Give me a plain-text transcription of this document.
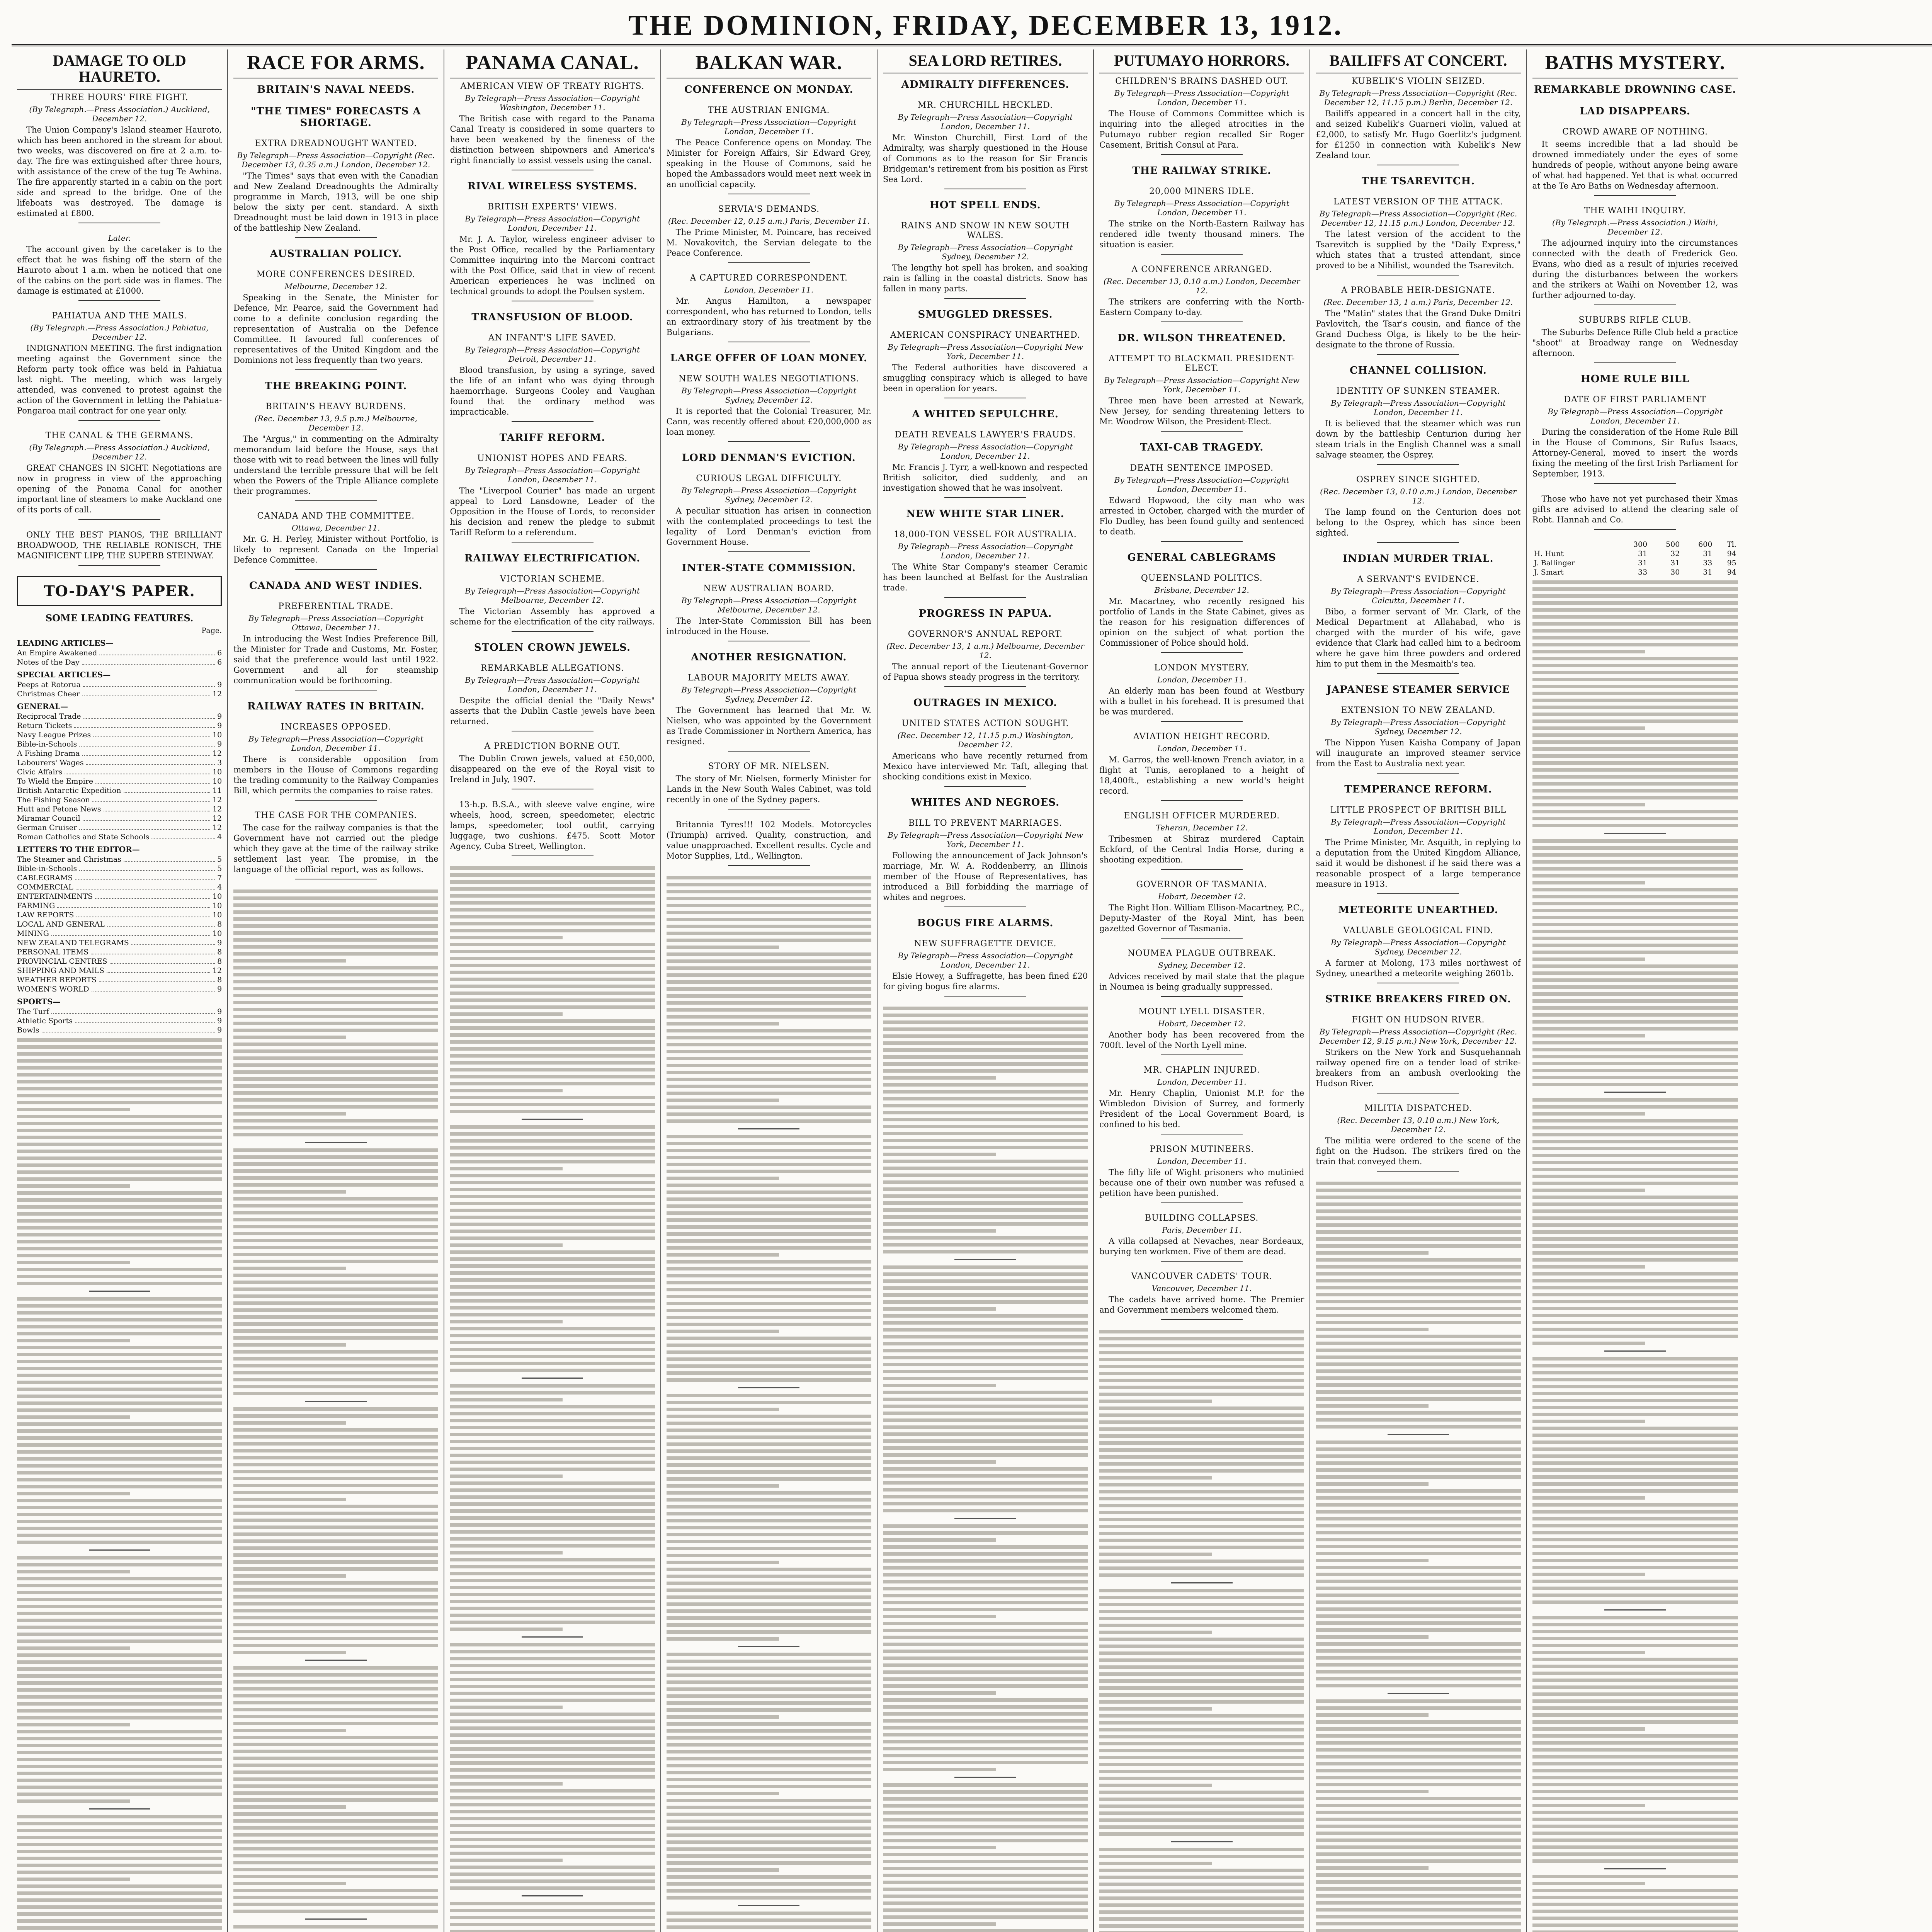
THE DOMINION, FRIDAY, DECEMBER 13, 1912.
DAMAGE TO OLD HAURETO.
THREE HOURS' FIRE FIGHT.
(By Telegraph.—Press Association.) Auckland, December 12.

The Union Company's Island steamer Hauroto, which has been anchored in the stream for about two weeks, was discovered on fire at 2 a.m. to-day. The fire was extinguished after three hours, with assistance of the crew of the tug Te Awhina. The fire apparently started in a cabin on the port side and spread to the bridge. One of the lifeboats was destroyed. The damage is estimated at £800.

Later.

The account given by the caretaker is to the effect that he was fishing off the stern of the Hauroto about 1 a.m. when he noticed that one of the cabins on the port side was in flames. The damage is estimated at £1000.

PAHIATUA AND THE MAILS.
(By Telegraph.—Press Association.) Pahiatua, December 12.

INDIGNATION MEETING. The first indignation meeting against the Government since the Reform party took office was held in Pahiatua last night. The meeting, which was largely attended, was convened to protest against the action of the Government in letting the Pahiatua-Pongaroa mail contract for one year only.

THE CANAL & THE GERMANS.
(By Telegraph.—Press Association.) Auckland, December 12.

GREAT CHANGES IN SIGHT. Negotiations are now in progress in view of the approaching opening of the Panama Canal for another important line of steamers to make Auckland one of its ports of call.

ONLY THE BEST PIANOS, THE BRILLIANT BROADWOOD, THE RELIABLE RONISCH, THE MAGNIFICENT LIPP, THE SUPERB STEINWAY.

TO-DAY'S PAPER.
SOME LEADING FEATURES.
Page.
LEADING ARTICLES—
An Empire Awakened	6
Notes of the Day	6
SPECIAL ARTICLES—
Peeps at Rotorua	9
Christmas Cheer	12
GENERAL—
Reciprocal Trade	9
Return Tickets	9
Navy League Prizes	10
Bible-in-Schools	9
A Fishing Drama	12
Labourers' Wages	3
Civic Affairs	10
To Wield the Empire	10
British Antarctic Expedition	11
The Fishing Season	12
Hutt and Petone News	12
Miramar Council	12
German Cruiser	12
Roman Catholics and State Schools	4
LETTERS TO THE EDITOR—
The Steamer and Christmas	5
Bible-in-Schools	5
CABLEGRAMS	7
COMMERCIAL	4
ENTERTAINMENTS	10
FARMING	10
LAW REPORTS	10
LOCAL AND GENERAL	8
MINING	10
NEW ZEALAND TELEGRAMS	9
PERSONAL ITEMS	8
PROVINCIAL CENTRES	8
SHIPPING AND MAILS	12
WEATHER REPORTS	8
WOMEN'S WORLD	9
SPORTS—
The Turf	9
Athletic Sports	9
Bowls	9
RACE FOR ARMS.
BRITAIN'S NAVAL NEEDS.
"THE TIMES" FORECASTS A SHORTAGE.
EXTRA DREADNOUGHT WANTED.
By Telegraph—Press Association—Copyright (Rec. December 13, 0.35 a.m.) London, December 12.

"The Times" says that even with the Canadian and New Zealand Dreadnoughts the Admiralty programme in March, 1913, will be one ship below the sixty per cent. standard. A sixth Dreadnought must be laid down in 1913 in place of the battleship New Zealand.

AUSTRALIAN POLICY.
MORE CONFERENCES DESIRED.
Melbourne, December 12.

Speaking in the Senate, the Minister for Defence, Mr. Pearce, said the Government had come to a definite conclusion regarding the representation of Australia on the Defence Committee. It favoured full conferences of representatives of the United Kingdom and the Dominions not less frequently than two years.

THE BREAKING POINT.
BRITAIN'S HEAVY BURDENS.
(Rec. December 13, 9.5 p.m.) Melbourne, December 12.

The "Argus," in commenting on the Admiralty memorandum laid before the House, says that those with wit to read between the lines will fully understand the terrible pressure that will be felt when the Powers of the Triple Alliance complete their programmes.

CANADA AND THE COMMITTEE.
Ottawa, December 11.

Mr. G. H. Perley, Minister without Portfolio, is likely to represent Canada on the Imperial Defence Committee.

CANADA AND WEST INDIES.
PREFERENTIAL TRADE.
By Telegraph—Press Association—Copyright Ottawa, December 11.

In introducing the West Indies Preference Bill, the Minister for Trade and Customs, Mr. Foster, said that the preference would last until 1922. Government and all for steamship communication would be forthcoming.

RAILWAY RATES IN BRITAIN.
INCREASES OPPOSED.
By Telegraph—Press Association—Copyright London, December 11.

There is considerable opposition from members in the House of Commons regarding the trading community to the Railway Companies Bill, which permits the companies to raise rates.

THE CASE FOR THE COMPANIES.

The case for the railway companies is that the Government have not carried out the pledge which they gave at the time of the railway strike settlement last year. The promise, in the language of the official report, was as follows.

PANAMA CANAL.
AMERICAN VIEW OF TREATY RIGHTS.
By Telegraph—Press Association—Copyright Washington, December 11.

The British case with regard to the Panama Canal Treaty is considered in some quarters to have been weakened by the fineness of the distinction between shipowners and America's right financially to assist vessels using the canal.

RIVAL WIRELESS SYSTEMS.
BRITISH EXPERTS' VIEWS.
By Telegraph—Press Association—Copyright London, December 11.

Mr. J. A. Taylor, wireless engineer adviser to the Post Office, recalled by the Parliamentary Committee inquiring into the Marconi contract with the Post Office, said that in view of recent American experiences he was inclined on technical grounds to adopt the Poulsen system.

TRANSFUSION OF BLOOD.
AN INFANT'S LIFE SAVED.
By Telegraph—Press Association—Copyright Detroit, December 11.

Blood transfusion, by using a syringe, saved the life of an infant who was dying through haemorrhage. Surgeons Cooley and Vaughan found that the ordinary method was impracticable.

TARIFF REFORM.
UNIONIST HOPES AND FEARS.
By Telegraph—Press Association—Copyright London, December 11.

The "Liverpool Courier" has made an urgent appeal to Lord Lansdowne, Leader of the Opposition in the House of Lords, to reconsider his decision and renew the pledge to submit Tariff Reform to a referendum.

RAILWAY ELECTRIFICATION.
VICTORIAN SCHEME.
By Telegraph—Press Association—Copyright Melbourne, December 12.

The Victorian Assembly has approved a scheme for the electrification of the city railways.

STOLEN CROWN JEWELS.
REMARKABLE ALLEGATIONS.
By Telegraph—Press Association—Copyright London, December 11.

Despite the official denial the "Daily News" asserts that the Dublin Castle jewels have been returned.

A PREDICTION BORNE OUT.

The Dublin Crown jewels, valued at £50,000, disappeared on the eve of the Royal visit to Ireland in July, 1907.

13-h.p. B.S.A., with sleeve valve engine, wire wheels, hood, screen, speedometer, electric lamps, speedometer, tool outfit, carrying luggage, two cushions. £475. Scott Motor Agency, Cuba Street, Wellington.

BALKAN WAR.
CONFERENCE ON MONDAY.
THE AUSTRIAN ENIGMA.
By Telegraph—Press Association—Copyright London, December 11.

The Peace Conference opens on Monday. The Minister for Foreign Affairs, Sir Edward Grey, speaking in the House of Commons, said he hoped the Ambassadors would meet next week in an unofficial capacity.

SERVIA'S DEMANDS.
(Rec. December 12, 0.15 a.m.) Paris, December 11.

The Prime Minister, M. Poincare, has received M. Novakovitch, the Servian delegate to the Peace Conference.

A CAPTURED CORRESPONDENT.
London, December 11.

Mr. Angus Hamilton, a newspaper correspondent, who has returned to London, tells an extraordinary story of his treatment by the Bulgarians.

LARGE OFFER OF LOAN MONEY.
NEW SOUTH WALES NEGOTIATIONS.
By Telegraph—Press Association—Copyright Sydney, December 12.

It is reported that the Colonial Treasurer, Mr. Cann, was recently offered about £20,000,000 as loan money.

LORD DENMAN'S EVICTION.
CURIOUS LEGAL DIFFICULTY.
By Telegraph—Press Association—Copyright Sydney, December 12.

A peculiar situation has arisen in connection with the contemplated proceedings to test the legality of Lord Denman's eviction from Government House.

INTER-STATE COMMISSION.
NEW AUSTRALIAN BOARD.
By Telegraph—Press Association—Copyright Melbourne, December 12.

The Inter-State Commission Bill has been introduced in the House.

ANOTHER RESIGNATION.
LABOUR MAJORITY MELTS AWAY.
By Telegraph—Press Association—Copyright Sydney, December 12.

The Government has learned that Mr. W. Nielsen, who was appointed by the Government as Trade Commissioner in Northern America, has resigned.

STORY OF MR. NIELSEN.

The story of Mr. Nielsen, formerly Minister for Lands in the New South Wales Cabinet, was told recently in one of the Sydney papers.

Britannia Tyres!!! 102 Models. Motorcycles (Triumph) arrived. Quality, construction, and value unapproached. Excellent results. Cycle and Motor Supplies, Ltd., Wellington.

SEA LORD RETIRES.
ADMIRALTY DIFFERENCES.
MR. CHURCHILL HECKLED.
By Telegraph—Press Association—Copyright London, December 11.

Mr. Winston Churchill, First Lord of the Admiralty, was sharply questioned in the House of Commons as to the reason for Sir Francis Bridgeman's retirement from his position as First Sea Lord.

HOT SPELL ENDS.
RAINS AND SNOW IN NEW SOUTH WALES.
By Telegraph—Press Association—Copyright Sydney, December 12.

The lengthy hot spell has broken, and soaking rain is falling in the coastal districts. Snow has fallen in many parts.

SMUGGLED DRESSES.
AMERICAN CONSPIRACY UNEARTHED.
By Telegraph—Press Association—Copyright New York, December 11.

The Federal authorities have discovered a smuggling conspiracy which is alleged to have been in operation for years.

A WHITED SEPULCHRE.
DEATH REVEALS LAWYER'S FRAUDS.
By Telegraph—Press Association—Copyright London, December 11.

Mr. Francis J. Tyrr, a well-known and respected British solicitor, died suddenly, and an investigation showed that he was insolvent.

NEW WHITE STAR LINER.
18,000-TON VESSEL FOR AUSTRALIA.
By Telegraph—Press Association—Copyright London, December 11.

The White Star Company's steamer Ceramic has been launched at Belfast for the Australian trade.

PROGRESS IN PAPUA.
GOVERNOR'S ANNUAL REPORT.
(Rec. December 13, 1 a.m.) Melbourne, December 12.

The annual report of the Lieutenant-Governor of Papua shows steady progress in the territory.

OUTRAGES IN MEXICO.
UNITED STATES ACTION SOUGHT.
(Rec. December 12, 11.15 p.m.) Washington, December 12.

Americans who have recently returned from Mexico have interviewed Mr. Taft, alleging that shocking conditions exist in Mexico.

WHITES AND NEGROES.
BILL TO PREVENT MARRIAGES.
By Telegraph—Press Association—Copyright New York, December 11.

Following the announcement of Jack Johnson's marriage, Mr. W. A. Roddenberry, an Illinois member of the House of Representatives, has introduced a Bill forbidding the marriage of whites and negroes.

BOGUS FIRE ALARMS.
NEW SUFFRAGETTE DEVICE.
By Telegraph—Press Association—Copyright London, December 11.

Elsie Howey, a Suffragette, has been fined £20 for giving bogus fire alarms.

PUTUMAYO HORRORS.
CHILDREN'S BRAINS DASHED OUT.
By Telegraph—Press Association—Copyright London, December 11.

The House of Commons Committee which is inquiring into the alleged atrocities in the Putumayo rubber region recalled Sir Roger Casement, British Consul at Para.

THE RAILWAY STRIKE.
20,000 MINERS IDLE.
By Telegraph—Press Association—Copyright London, December 11.

The strike on the North-Eastern Railway has rendered idle twenty thousand miners. The situation is easier.

A CONFERENCE ARRANGED.
(Rec. December 13, 0.10 a.m.) London, December 12.

The strikers are conferring with the North-Eastern Company to-day.

DR. WILSON THREATENED.
ATTEMPT TO BLACKMAIL PRESIDENT-ELECT.
By Telegraph—Press Association—Copyright New York, December 11.

Three men have been arrested at Newark, New Jersey, for sending threatening letters to Mr. Woodrow Wilson, the President-Elect.

TAXI-CAB TRAGEDY.
DEATH SENTENCE IMPOSED.
By Telegraph—Press Association—Copyright London, December 11.

Edward Hopwood, the city man who was arrested in October, charged with the murder of Flo Dudley, has been found guilty and sentenced to death.

GENERAL CABLEGRAMS
QUEENSLAND POLITICS.
Brisbane, December 12.

Mr. Macartney, who recently resigned his portfolio of Lands in the State Cabinet, gives as the reason for his resignation differences of opinion on the subject of what portion the Commissioner of Police should hold.

LONDON MYSTERY.
London, December 11.

An elderly man has been found at Westbury with a bullet in his forehead. It is presumed that he was murdered.

AVIATION HEIGHT RECORD.
London, December 11.

M. Garros, the well-known French aviator, in a flight at Tunis, aeroplaned to a height of 18,400ft., establishing a new world's height record.

ENGLISH OFFICER MURDERED.
Teheran, December 12.

Tribesmen at Shiraz murdered Captain Eckford, of the Central India Horse, during a shooting expedition.

GOVERNOR OF TASMANIA.
Hobart, December 12.

The Right Hon. William Ellison-Macartney, P.C., Deputy-Master of the Royal Mint, has been gazetted Governor of Tasmania.

NOUMEA PLAGUE OUTBREAK.
Sydney, December 12.

Advices received by mail state that the plague in Noumea is being gradually suppressed.

MOUNT LYELL DISASTER.
Hobart, December 12.

Another body has been recovered from the 700ft. level of the North Lyell mine.

MR. CHAPLIN INJURED.
London, December 11.

Mr. Henry Chaplin, Unionist M.P. for the Wimbledon Division of Surrey, and formerly President of the Local Government Board, is confined to his bed.

PRISON MUTINEERS.
London, December 11.

The fifty life of Wight prisoners who mutinied because one of their own number was refused a petition have been punished.

BUILDING COLLAPSES.
Paris, December 11.

A villa collapsed at Nevaches, near Bordeaux, burying ten workmen. Five of them are dead.

VANCOUVER CADETS' TOUR.
Vancouver, December 11.

The cadets have arrived home. The Premier and Government members welcomed them.

BAILIFFS AT CONCERT.
KUBELIK'S VIOLIN SEIZED.
By Telegraph—Press Association—Copyright (Rec. December 12, 11.15 p.m.) Berlin, December 12.

Bailiffs appeared in a concert hall in the city, and seized Kubelik's Guarneri violin, valued at £2,000, to satisfy Mr. Hugo Goerlitz's judgment for £1250 in connection with Kubelik's New Zealand tour.

THE TSAREVITCH.
LATEST VERSION OF THE ATTACK.
By Telegraph—Press Association—Copyright (Rec. December 12, 11.15 p.m.) London, December 12.

The latest version of the accident to the Tsarevitch is supplied by the "Daily Express," which states that a trusted attendant, since proved to be a Nihilist, wounded the Tsarevitch.

A PROBABLE HEIR-DESIGNATE.
(Rec. December 13, 1 a.m.) Paris, December 12.

The "Matin" states that the Grand Duke Dmitri Pavlovitch, the Tsar's cousin, and fiance of the Grand Duchess Olga, is likely to be the heir-designate to the throne of Russia.

CHANNEL COLLISION.
IDENTITY OF SUNKEN STEAMER.
By Telegraph—Press Association—Copyright London, December 11.

It is believed that the steamer which was run down by the battleship Centurion during her steam trials in the English Channel was a small salvage steamer, the Osprey.

OSPREY SINCE SIGHTED.
(Rec. December 13, 0.10 a.m.) London, December 12.

The lamp found on the Centurion does not belong to the Osprey, which has since been sighted.

INDIAN MURDER TRIAL.
A SERVANT'S EVIDENCE.
By Telegraph—Press Association—Copyright Calcutta, December 11.

Bibo, a former servant of Mr. Clark, of the Medical Department at Allahabad, who is charged with the murder of his wife, gave evidence that Clark had called him to a bedroom where he gave him three powders and ordered him to put them in the Mesmaith's tea.

JAPANESE STEAMER SERVICE
EXTENSION TO NEW ZEALAND.
By Telegraph—Press Association—Copyright Sydney, December 12.

The Nippon Yusen Kaisha Company of Japan will inaugurate an improved steamer service from the East to Australia next year.

TEMPERANCE REFORM.
LITTLE PROSPECT OF BRITISH BILL
By Telegraph—Press Association—Copyright London, December 11.

The Prime Minister, Mr. Asquith, in replying to a deputation from the United Kingdom Alliance, said it would be dishonest if he said there was a reasonable prospect of a large temperance measure in 1913.

METEORITE UNEARTHED.
VALUABLE GEOLOGICAL FIND.
By Telegraph—Press Association—Copyright Sydney, December 12.

A farmer at Molong, 173 miles northwest of Sydney, unearthed a meteorite weighing 2601b.

STRIKE BREAKERS FIRED ON.
FIGHT ON HUDSON RIVER.
By Telegraph—Press Association—Copyright (Rec. December 12, 9.15 p.m.) New York, December 12.

Strikers on the New York and Susquehannah railway opened fire on a tender load of strike-breakers from an ambush overlooking the Hudson River.

MILITIA DISPATCHED.
(Rec. December 13, 0.10 a.m.) New York, December 12.

The militia were ordered to the scene of the fight on the Hudson. The strikers fired on the train that conveyed them.

BATHS MYSTERY.
REMARKABLE DROWNING CASE.
LAD DISAPPEARS.
CROWD AWARE OF NOTHING.

It seems incredible that a lad should be drowned immediately under the eyes of some hundreds of people, without anyone being aware of what had happened. Yet that is what occurred at the Te Aro Baths on Wednesday afternoon.

THE WAIHI INQUIRY.
(By Telegraph.—Press Association.) Waihi, December 12.

The adjourned inquiry into the circumstances connected with the death of Frederick Geo. Evans, who died as a result of injuries received during the disturbances between the workers and the strikers at Waihi on November 12, was further adjourned to-day.

SUBURBS RIFLE CLUB.

The Suburbs Defence Rifle Club held a practice "shoot" at Broadway range on Wednesday afternoon.

HOME RULE BILL
DATE OF FIRST PARLIAMENT
By Telegraph—Press Association—Copyright London, December 11.

During the consideration of the Home Rule Bill in the House of Commons, Sir Rufus Isaacs, Attorney-General, moved to insert the words fixing the meeting of the first Irish Parliament for September, 1913.

Those who have not yet purchased their Xmas gifts are advised to attend the clearing sale of Robt. Hannah and Co.

	300	500	600	Tl.
H. Hunt	31	32	31	94
J. Ballinger	31	31	33	95
J. Smart	33	30	31	94
